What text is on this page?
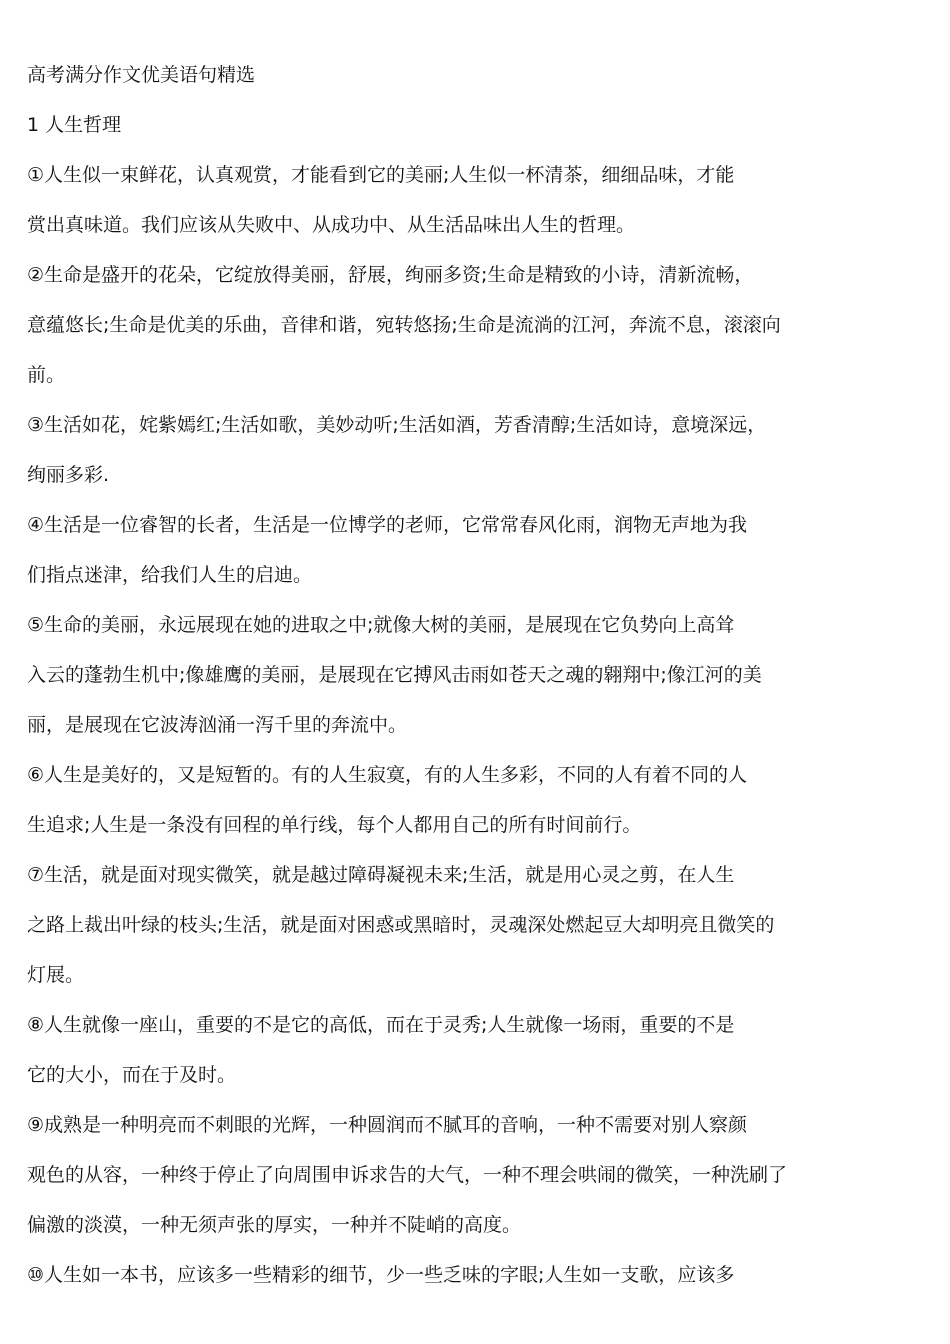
高考满分作文优美语句精选
1 人生哲理
①人生似一束鲜花，认真观赏，才能看到它的美丽;人生似一杯清茶，细细品味，才能
赏出真味道。我们应该从失败中、从成功中、从生活品味出人生的哲理。
②生命是盛开的花朵，它绽放得美丽，舒展，绚丽多资;生命是精致的小诗，清新流畅，
意蕴悠长;生命是优美的乐曲，音律和谐，宛转悠扬;生命是流淌的江河，奔流不息，滚滚向
前。
③生活如花，姹紫嫣红;生活如歌，美妙动听;生活如酒，芳香清醇;生活如诗，意境深远，
绚丽多彩.
④生活是一位睿智的长者，生活是一位博学的老师，它常常春风化雨，润物无声地为我
们指点迷津，给我们人生的启迪。
⑤生命的美丽，永远展现在她的进取之中;就像大树的美丽，是展现在它负势向上高耸
入云的蓬勃生机中;像雄鹰的美丽，是展现在它搏风击雨如苍天之魂的翱翔中;像江河的美
丽，是展现在它波涛汹涌一泻千里的奔流中。
⑥人生是美好的，又是短暂的。有的人生寂寞，有的人生多彩，不同的人有着不同的人
生追求;人生是一条没有回程的单行线，每个人都用自己的所有时间前行。
⑦生活，就是面对现实微笑，就是越过障碍凝视未来;生活，就是用心灵之剪，在人生
之路上裁出叶绿的枝头;生活，就是面对困惑或黑暗时，灵魂深处燃起豆大却明亮且微笑的
灯展。
⑧人生就像一座山，重要的不是它的高低，而在于灵秀;人生就像一场雨，重要的不是
它的大小，而在于及时。
⑨成熟是一种明亮而不刺眼的光辉，一种圆润而不腻耳的音响，一种不需要对别人察颜
观色的从容，一种终于停止了向周围申诉求告的大气，一种不理会哄闹的微笑，一种洗刷了
偏激的淡漠，一种无须声张的厚实，一种并不陡峭的高度。
⑩人生如一本书，应该多一些精彩的细节，少一些乏味的字眼;人生如一支歌，应该多
